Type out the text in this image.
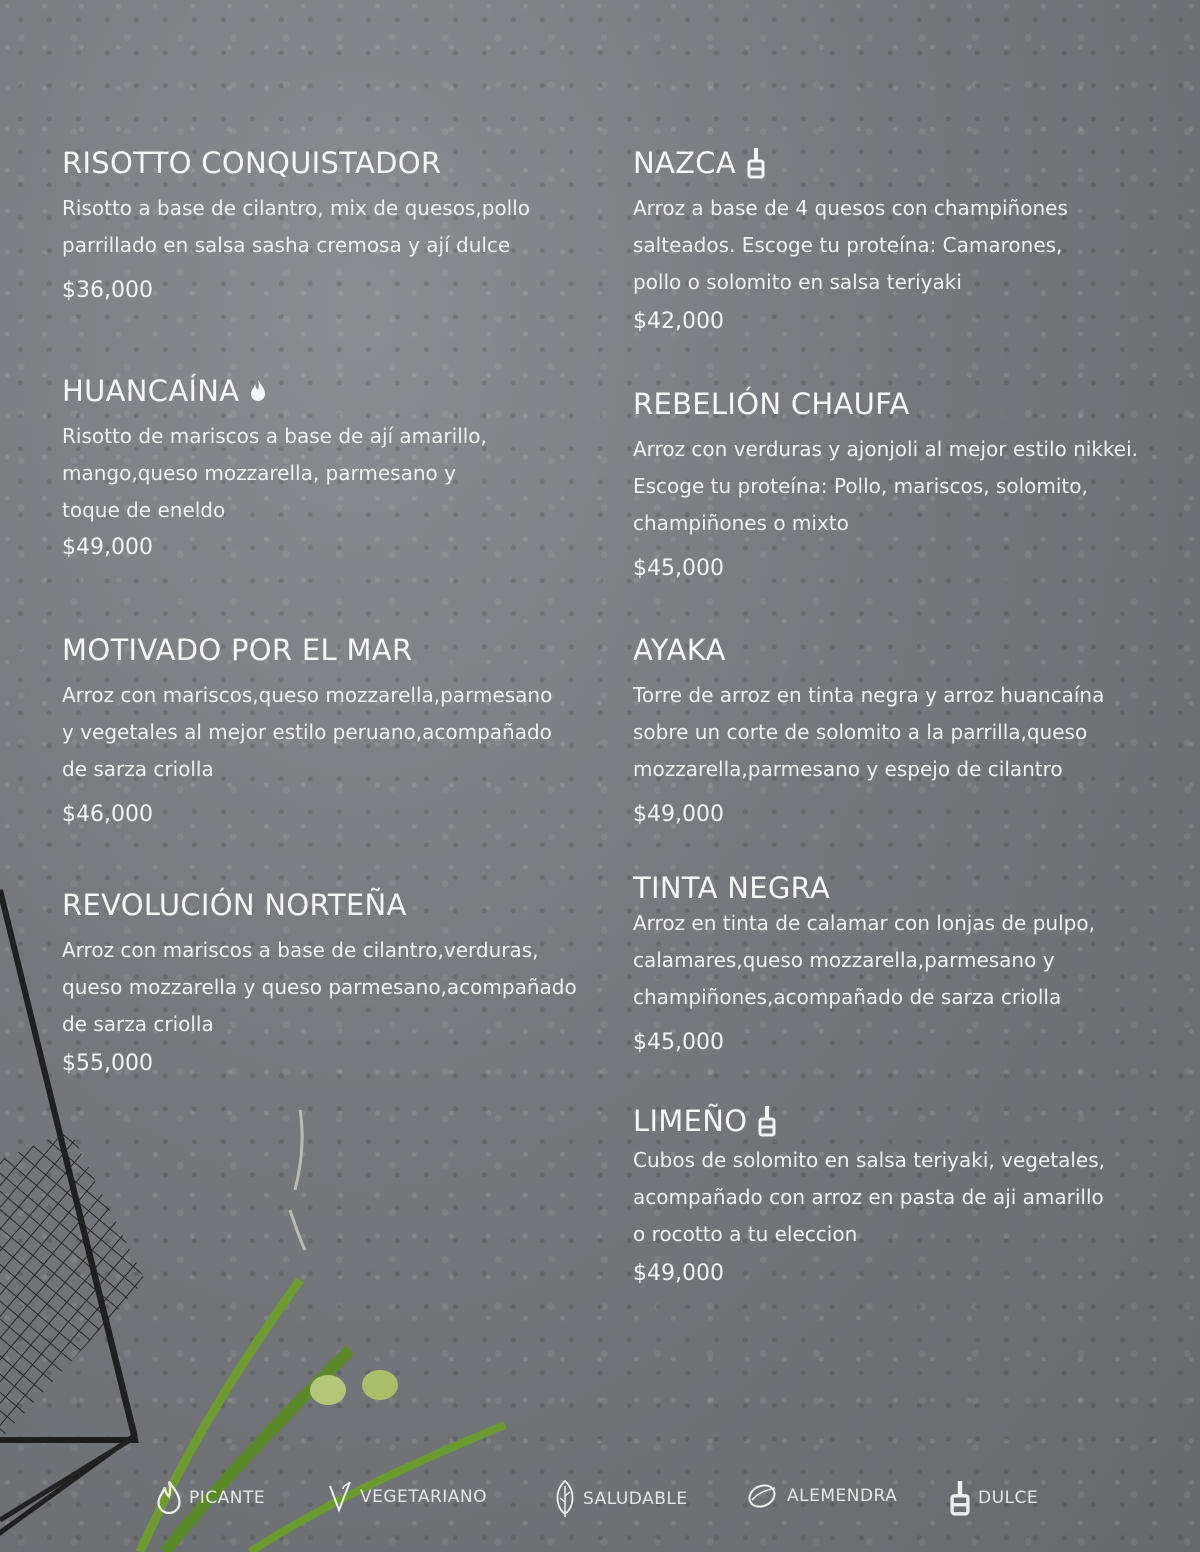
RISOTTO CONQUISTADOR

Risotto a base de cilantro, mix de quesos,pollo
parrillado en salsa sasha cremosa y ají dulce

$36,000

HUANCAÍNA

Risotto de mariscos a base de ají amarillo,
mango,queso mozzarella, parmesano y
toque de eneldo

$49,000

MOTIVADO POR EL MAR

Arroz con mariscos,queso mozzarella,parmesano
y vegetales al mejor estilo peruano,acompañado
de sarza criolla

$46,000

REVOLUCIÓN NORTEÑA

Arroz con mariscos a base de cilantro,verduras,
queso mozzarella y queso parmesano,acompañado
de sarza criolla

$55,000

NAZCA

Arroz a base de 4 quesos con champiñones
salteados. Escoge tu proteína: Camarones,
pollo o solomito en salsa teriyaki

$42,000

REBELIÓN CHAUFA

Arroz con verduras y ajonjoli al mejor estilo nikkei.
Escoge tu proteína: Pollo, mariscos, solomito,
champiñones o mixto

$45,000

AYAKA

Torre de arroz en tinta negra y arroz huancaína
sobre un corte de solomito a la parrilla,queso
mozzarella,parmesano y espejo de cilantro

$49,000

TINTA NEGRA

Arroz en tinta de calamar con lonjas de pulpo,
calamares,queso mozzarella,parmesano y
champiñones,acompañado de sarza criolla

$45,000

LIMEÑO

Cubos de solomito en salsa teriyaki, vegetales,
acompañado con arroz en pasta de aji amarillo
o rocotto a tu eleccion

$49,000

PICANTE	VEGETARIANO	SALUDABLE	ALEMENDRA	DULCE
